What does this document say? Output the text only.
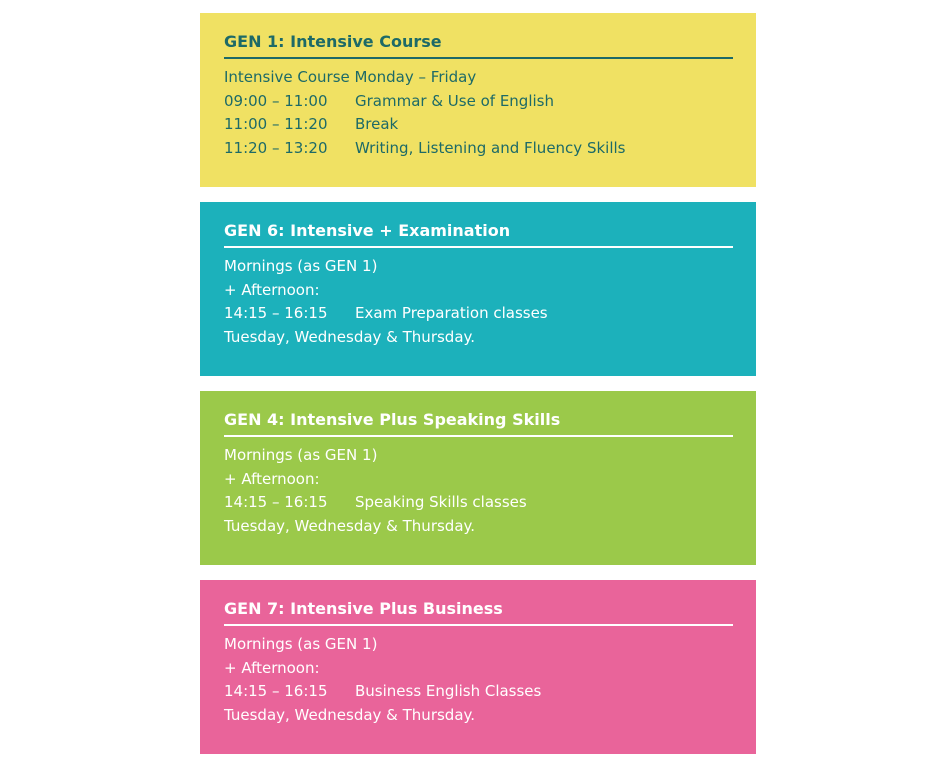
GEN 1: Intensive Course
Intensive Course Monday – Friday
09:00 – 11:00 Grammar & Use of English
11:00 – 11:20 Break
11:20 – 13:20 Writing, Listening and Fluency Skills
GEN 6: Intensive + Examination
Mornings (as GEN 1)
+ Afternoon:
14:15 – 16:15 Exam Preparation classes
Tuesday, Wednesday & Thursday.
GEN 4: Intensive Plus Speaking Skills
Mornings (as GEN 1)
+ Afternoon:
14:15 – 16:15 Speaking Skills classes
Tuesday, Wednesday & Thursday.
GEN 7: Intensive Plus Business
Mornings (as GEN 1)
+ Afternoon:
14:15 – 16:15 Business English Classes
Tuesday, Wednesday & Thursday.
